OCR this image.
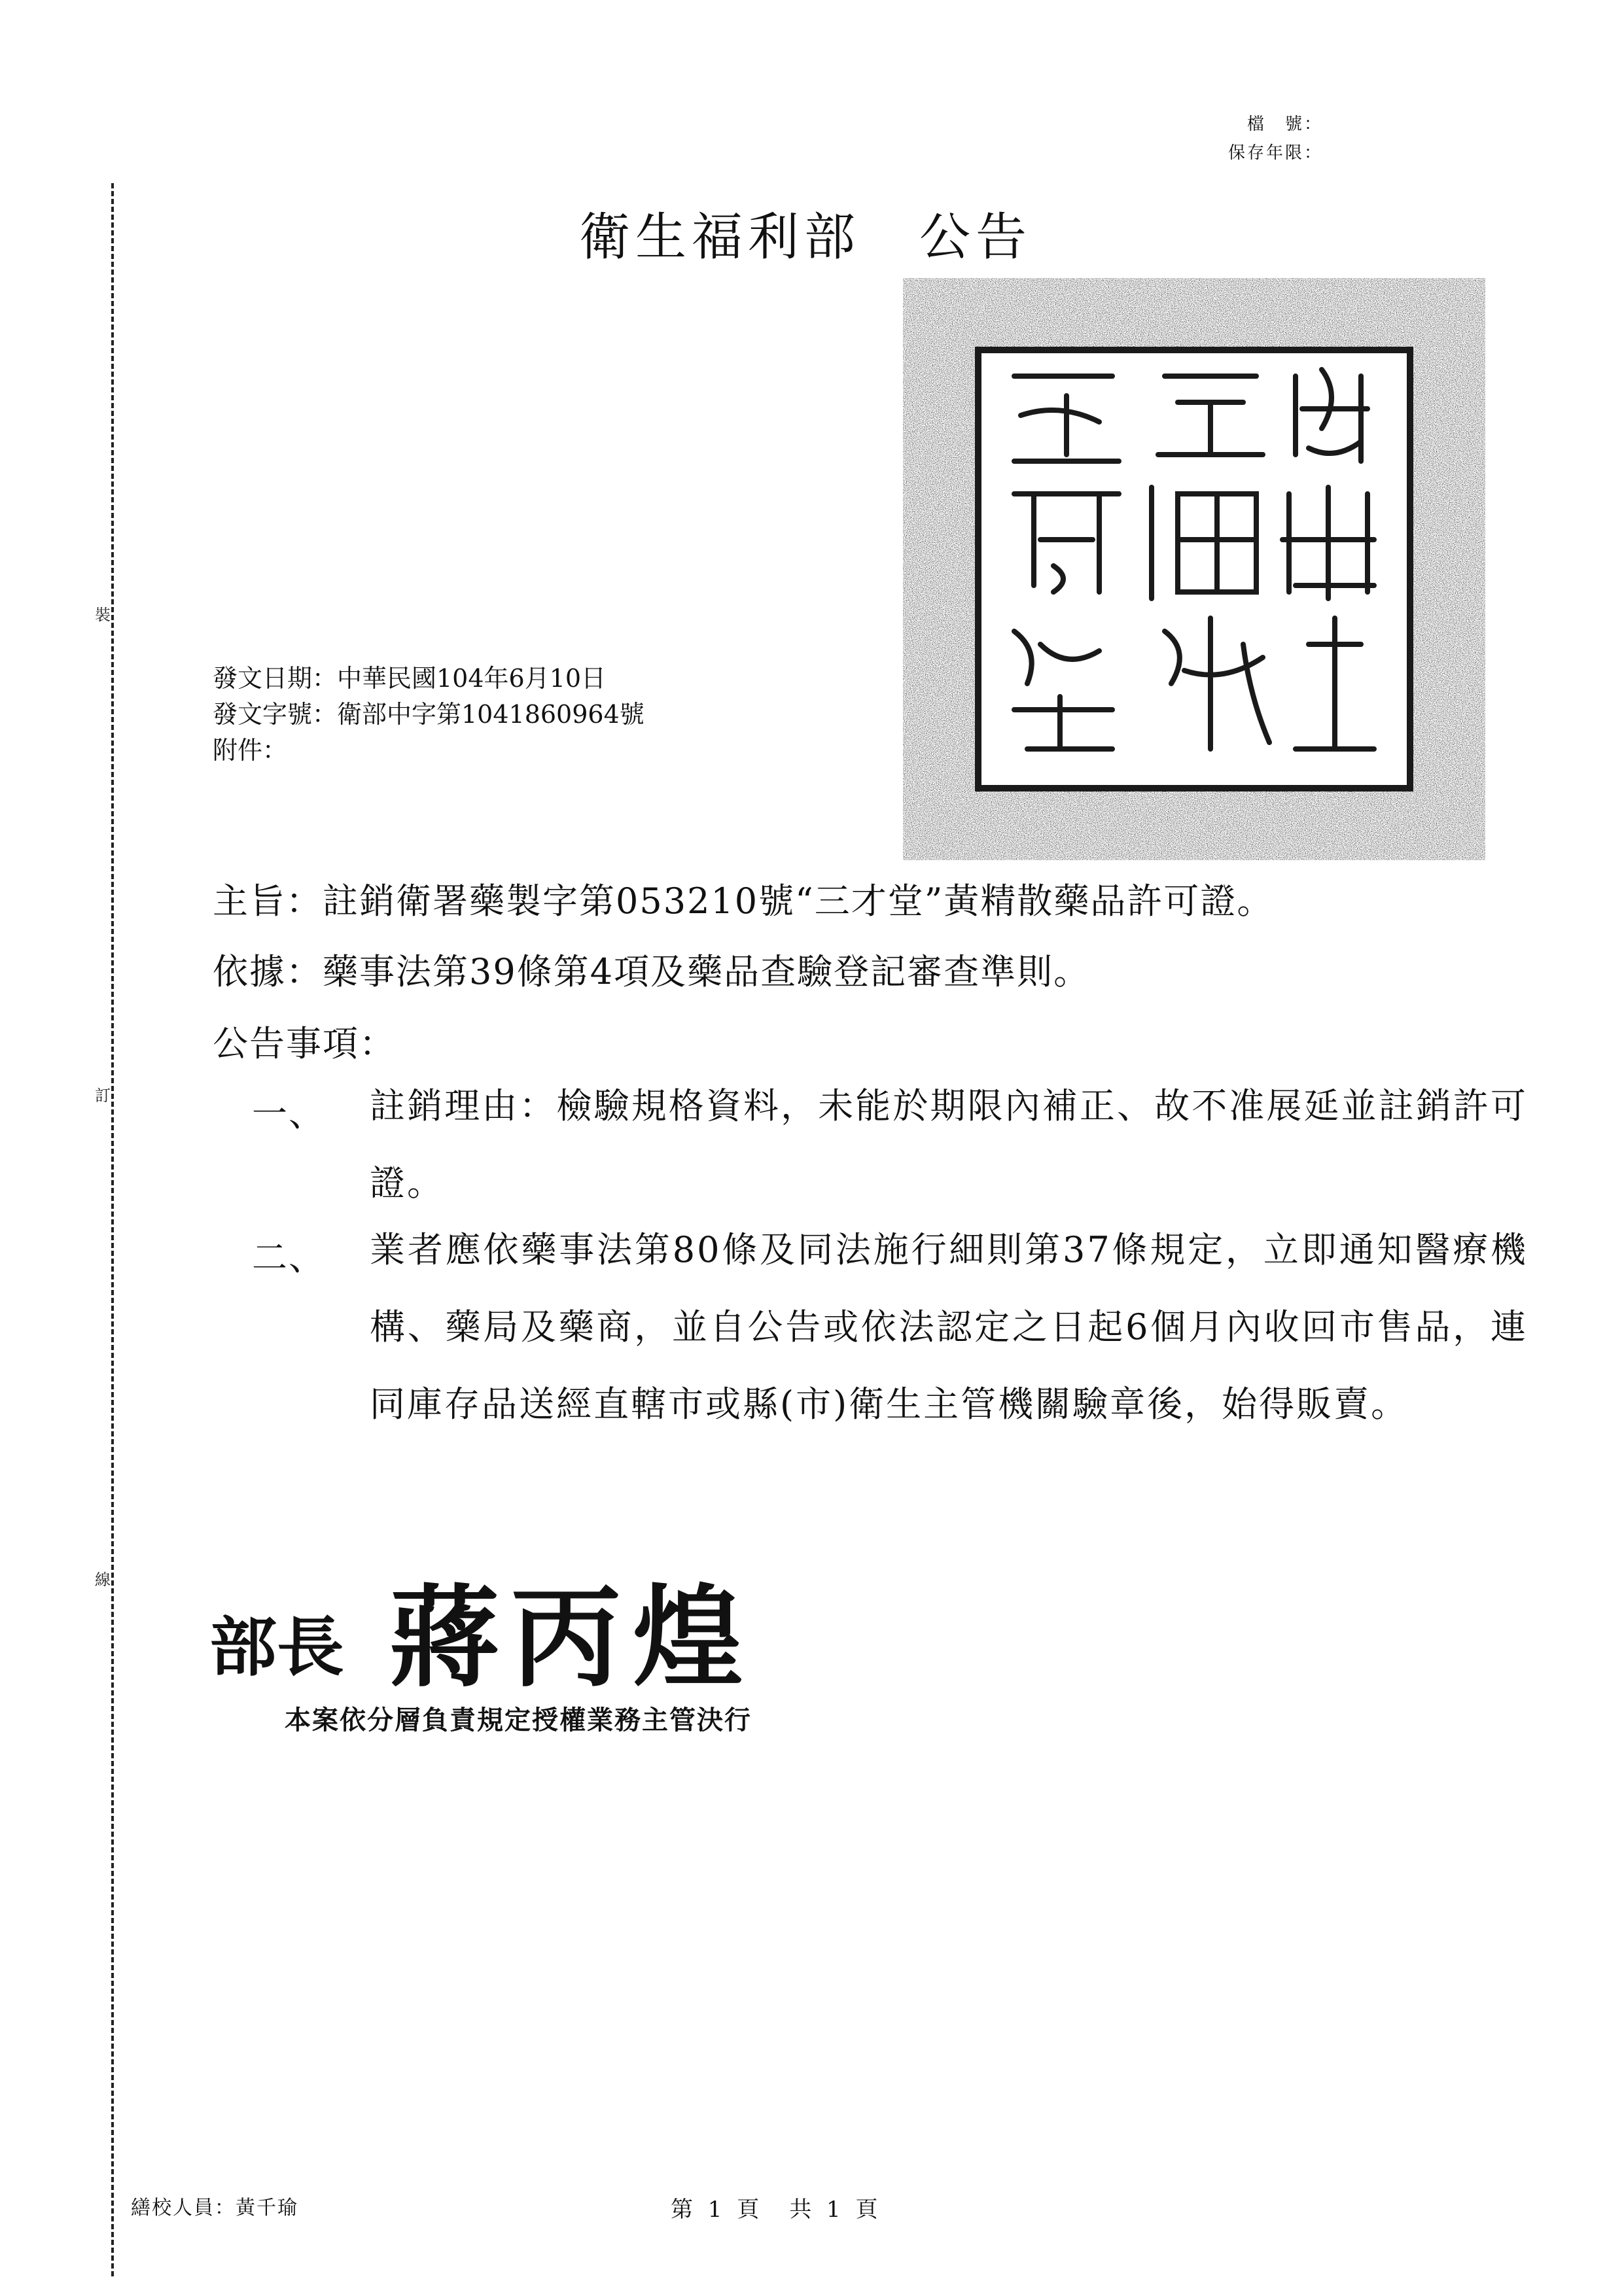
裝
訂
線
檔　號：
保存年限：
衛生福利部 公告
發文日期：中華民國104年6月10日
發文字號：衛部中字第1041860964號
附件：
主旨：註銷衛署藥製字第053210號“三才堂”黃精散藥品許可證。
依據：藥事法第39條第4項及藥品查驗登記審查準則。
公告事項：
一、 註銷理由：檢驗規格資料，未能於期限內補正、故不准展延並註銷許可證。
二、 業者應依藥事法第80條及同法施行細則第37條規定，立即通知醫療機構、藥局及藥商，並自公告或依法認定之日起6個月內收回市售品，連同庫存品送經直轄市或縣(市)衛生主管機關驗章後，始得販賣。
部長 蔣丙煌
本案依分層負責規定授權業務主管決行
繕校人員：黃千瑜	第 1 頁　共 1 頁
